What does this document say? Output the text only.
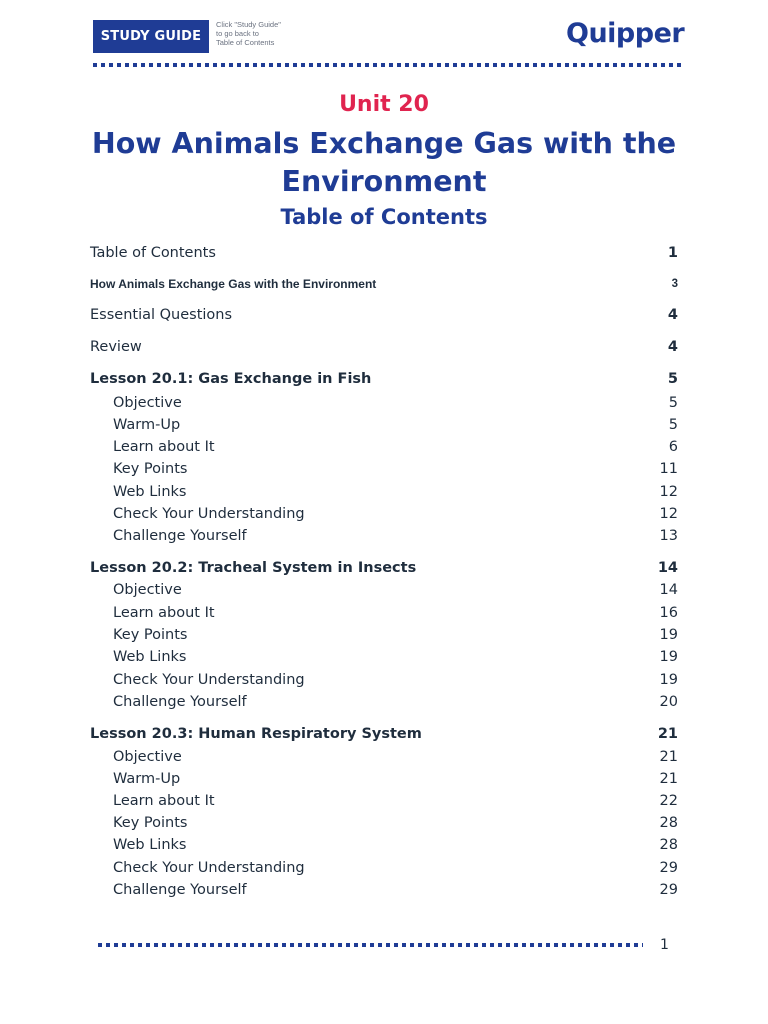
STUDY GUIDE
Click "Study Guide"
to go back to
Table of Contents	Quipper
Unit 20
How Animals Exchange Gas with the
Environment
Table of Contents
Table of Contents	1
How Animals Exchange Gas with the Environment	3
Essential Questions	4
Review	4
Lesson 20.1: Gas Exchange in Fish	5
Objective	5
Warm-Up	5
Learn about It	6
Key Points	11
Web Links	12
Check Your Understanding	12
Challenge Yourself	13
Lesson 20.2: Tracheal System in Insects	14
Objective	14
Learn about It	16
Key Points	19
Web Links	19
Check Your Understanding	19
Challenge Yourself	20
Lesson 20.3: Human Respiratory System	21
Objective	21
Warm-Up	21
Learn about It	22
Key Points	28
Web Links	28
Check Your Understanding	29
Challenge Yourself	29
1
